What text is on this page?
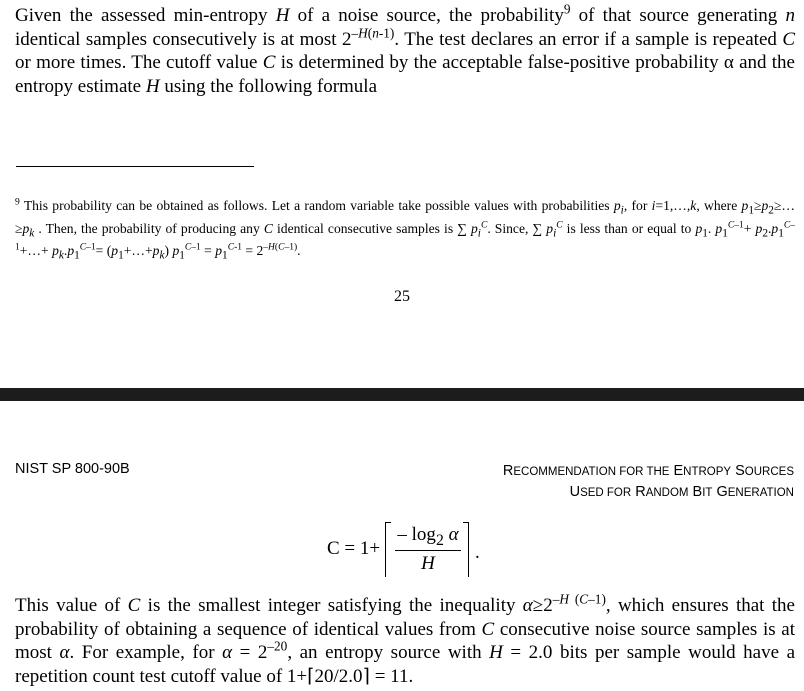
Given the assessed min-entropy H of a noise source, the probability$^9$ of that source generating n identical samples consecutively is at most $2^{-H(n-1)}$. The test declares an error if a sample is repeated C or more times. The cutoff value C is determined by the acceptable false-positive probability α and the entropy estimate H using the following formula
$^9$ This probability can be obtained as follows. Let a random variable take possible values with probabilities $p_i$, for i=1,…,k, where $p_1\ge p_2\ge\dots\ge p_k$ . Then, the probability of producing any C identical consecutive samples is ∑ $p_i^C$. Since, ∑ $p_i^C$ is less than or equal to $p_1$. $p_1^{C-1}+$ $p_2.p_1^{C-1}+\dots+ p_k.p_1^{C-1}=$ $(p_1+\dots+p_k) p_1^{C-1} = p_1^{C-1} = 2^{-H(C-1)}$.
25
NIST SP 800-90B	RECOMMENDATION FOR THE ENTROPY SOURCES
USED FOR RANDOM BIT GENERATION
C = 1+
– $\log_2 \alpha$
H
.
This value of C is the smallest integer satisfying the inequality $\alpha\ge 2^{-H (C-1)}$, which ensures that the probability of obtaining a sequence of identical values from C consecutive noise source samples is at most α. For example, for $\alpha = 2^{-20}$, an entropy source with H = 2.0 bits per sample would have a repetition count test cutoff value of 1+⌈20/2.0⌉ = 11.
